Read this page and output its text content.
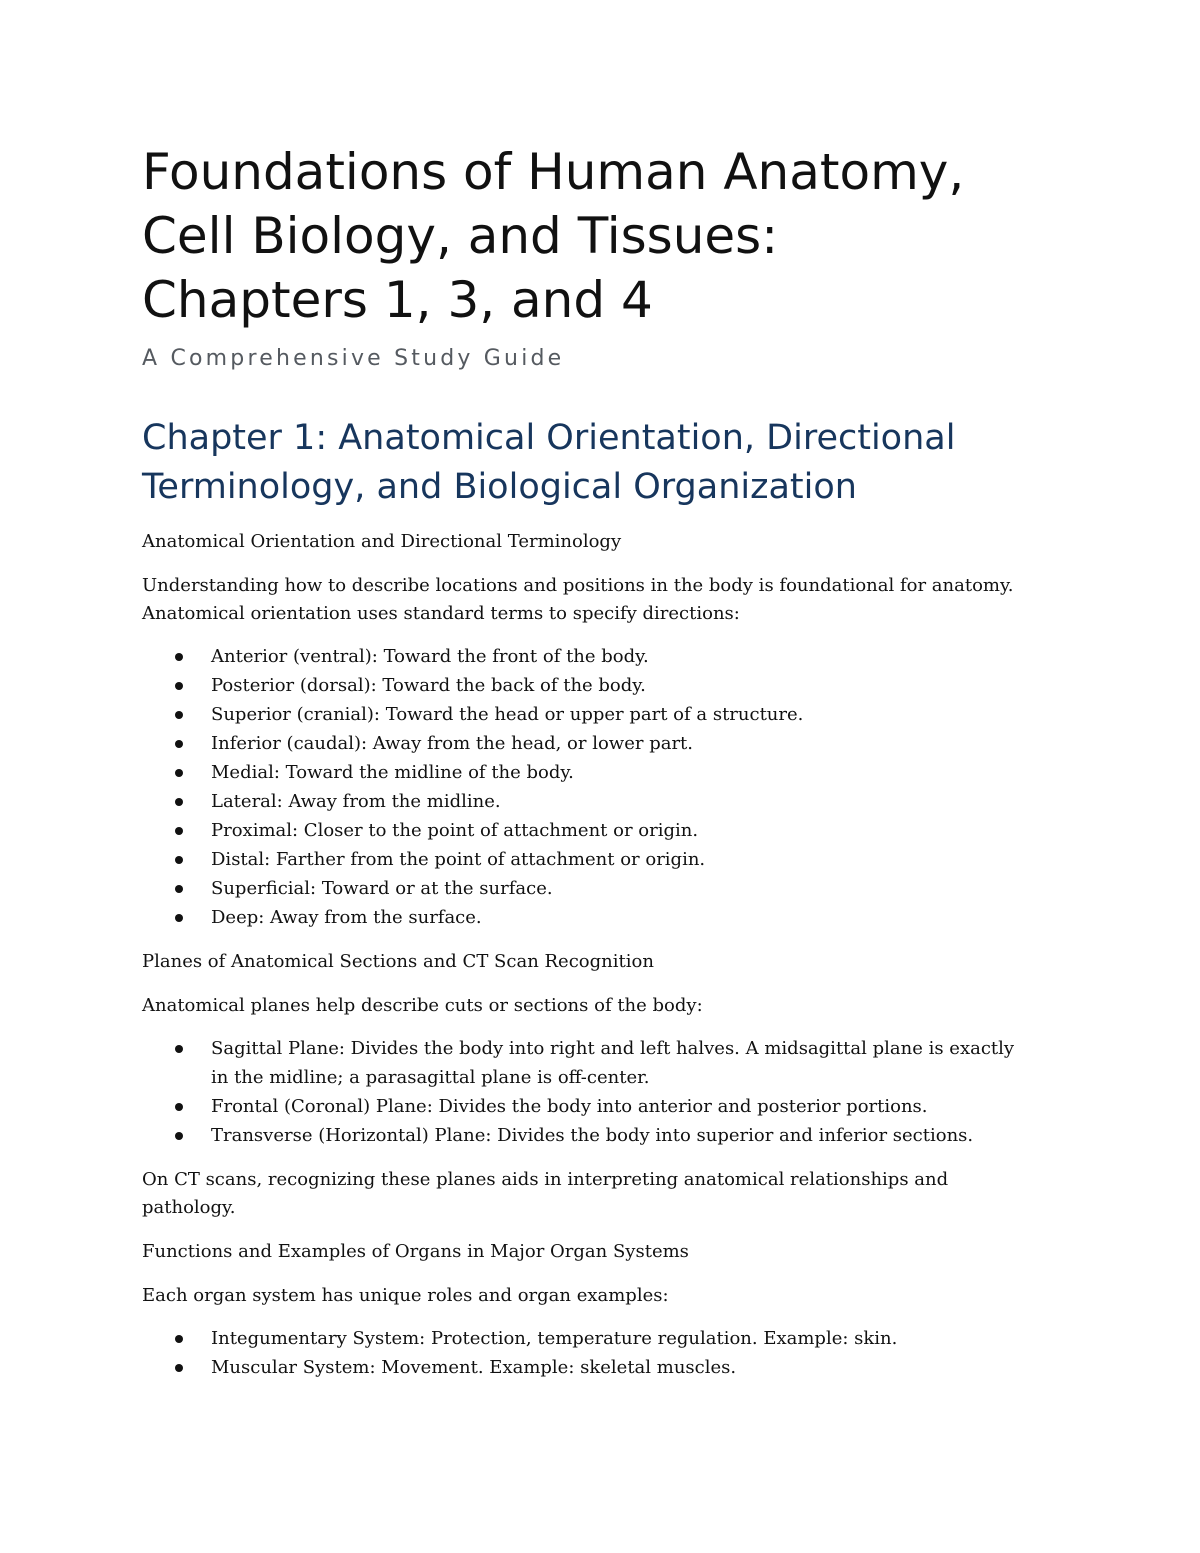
Foundations of Human Anatomy,
Cell Biology, and Tissues:
Chapters 1, 3, and 4

A Comprehensive Study Guide

Chapter 1: Anatomical Orientation, Directional
Terminology, and Biological Organization
Anatomical Orientation and Directional Terminology

Understanding how to describe locations and positions in the body is foundational for anatomy.
Anatomical orientation uses standard terms to specify directions:

Anterior (ventral): Toward the front of the body.
Posterior (dorsal): Toward the back of the body.
Superior (cranial): Toward the head or upper part of a structure.
Inferior (caudal): Away from the head, or lower part.
Medial: Toward the midline of the body.
Lateral: Away from the midline.
Proximal: Closer to the point of attachment or origin.
Distal: Farther from the point of attachment or origin.
Superficial: Toward or at the surface.
Deep: Away from the surface.
Planes of Anatomical Sections and CT Scan Recognition

Anatomical planes help describe cuts or sections of the body:

Sagittal Plane: Divides the body into right and left halves. A midsagittal plane is exactly
in the midline; a parasagittal plane is off-center.
Frontal (Coronal) Plane: Divides the body into anterior and posterior portions.
Transverse (Horizontal) Plane: Divides the body into superior and inferior sections.

On CT scans, recognizing these planes aids in interpreting anatomical relationships and
pathology.

Functions and Examples of Organs in Major Organ Systems

Each organ system has unique roles and organ examples:

Integumentary System: Protection, temperature regulation. Example: skin.
Muscular System: Movement. Example: skeletal muscles.
